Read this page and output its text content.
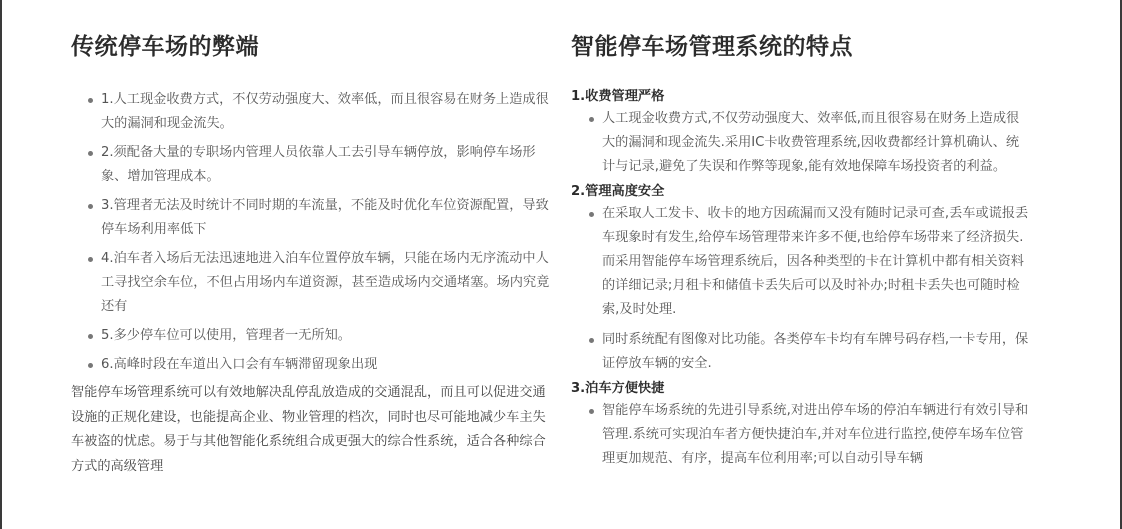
传统停车场的弊端
1.人工现金收费方式，不仅劳动强度大、效率低，而且很容易在财务上造成很大的漏洞和现金流失。
2.须配备大量的专职场内管理人员依靠人工去引导车辆停放，影响停车场形象、增加管理成本。
3.管理者无法及时统计不同时期的车流量，不能及时优化车位资源配置，导致停车场利用率低下
4.泊车者入场后无法迅速地进入泊车位置停放车辆，只能在场内无序流动中人工寻找空余车位，不但占用场内车道资源，甚至造成场内交通堵塞。场内究竟还有
5.多少停车位可以使用，管理者一无所知。
6.高峰时段在车道出入口会有车辆滞留现象出现
智能停车场管理系统可以有效地解决乱停乱放造成的交通混乱，而且可以促进交通设施的正规化建设，也能提高企业、物业管理的档次，同时也尽可能地减少车主失车被盗的忧虑。易于与其他智能化系统组合成更强大的综合性系统，适合各种综合方式的高级管理
智能停车场管理系统的特点
1.收费管理严格
人工现金收费方式,不仅劳动强度大、效率低,而且很容易在财务上造成很大的漏洞和现金流失.采用IC卡收费管理系统,因收费都经计算机确认、统计与记录,避免了失误和作弊等现象,能有效地保障车场投资者的利益。
2.管理高度安全
在采取人工发卡、收卡的地方因疏漏而又没有随时记录可查,丢车或谎报丢车现象时有发生,给停车场管理带来许多不便,也给停车场带来了经济损失.而采用智能停车场管理系统后，因各种类型的卡在计算机中都有相关资料的详细记录;月租卡和储值卡丢失后可以及时补办;时租卡丢失也可随时检索,及时处理.
同时系统配有图像对比功能。各类停车卡均有车牌号码存档,一卡专用，保证停放车辆的安全.
3.泊车方便快捷
智能停车场系统的先进引导系统,对进出停车场的停泊车辆进行有效引导和管理.系统可实现泊车者方便快捷泊车,并对车位进行监控,使停车场车位管理更加规范、有序，提高车位利用率;可以自动引导车辆
